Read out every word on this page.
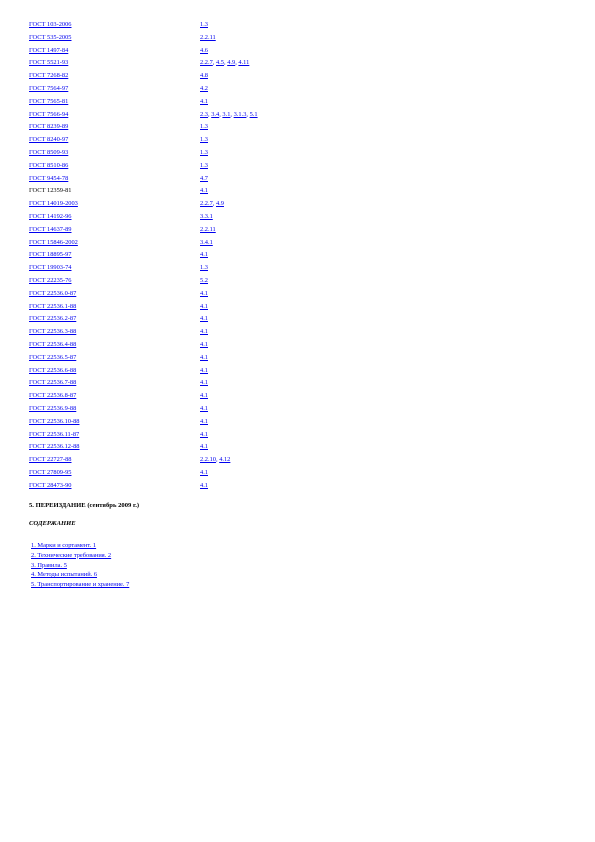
ГОСТ 103-2006	1.3
ГОСТ 535-2005	2.2.11
ГОСТ 1497-84	4.6
ГОСТ 5521-93	2.2.7, 4.5, 4.9, 4.11
ГОСТ 7268-82	4.8
ГОСТ 7564-97	4.2
ГОСТ 7565-81	4.1
ГОСТ 7566-94	2.3, 3.4, 3.1, 3.1.3, 5.1
ГОСТ 8239-89	1.3
ГОСТ 8240-97	1.3
ГОСТ 8509-93	1.3
ГОСТ 8510-86	1.3
ГОСТ 9454-78	4.7
ГОСТ 12359-81	4.1
ГОСТ 14019-2003	2.2.7, 4.9
ГОСТ 14192-96	3.3.1
ГОСТ 14637-89	2.2.11
ГОСТ 15846-2002	3.4.1
ГОСТ 18895-97	4.1
ГОСТ 19903-74	1.3
ГОСТ 22235-76	5.2
ГОСТ 22536.0-87	4.1
ГОСТ 22536.1-88	4.1
ГОСТ 22536.2-87	4.1
ГОСТ 22536.3-88	4.1
ГОСТ 22536.4-88	4.1
ГОСТ 22536.5-87	4.1
ГОСТ 22536.6-88	4.1
ГОСТ 22536.7-88	4.1
ГОСТ 22536.8-87	4.1
ГОСТ 22536.9-88	4.1
ГОСТ 22536.10-88	4.1
ГОСТ 22536.11-87	4.1
ГОСТ 22536.12-88	4.1
ГОСТ 22727-88	2.2.10, 4.12
ГОСТ 27809-95	4.1
ГОСТ 28473-90	4.1
5. ПЕРЕИЗДАНИЕ (сентябрь 2009 г.)
СОДЕРЖАНИЕ
1. Марки и сортамент. 1
2. Технические требования. 2
3. Правила. 5
4. Методы испытаний. 6
5. Транспортирование и хранение. 7
